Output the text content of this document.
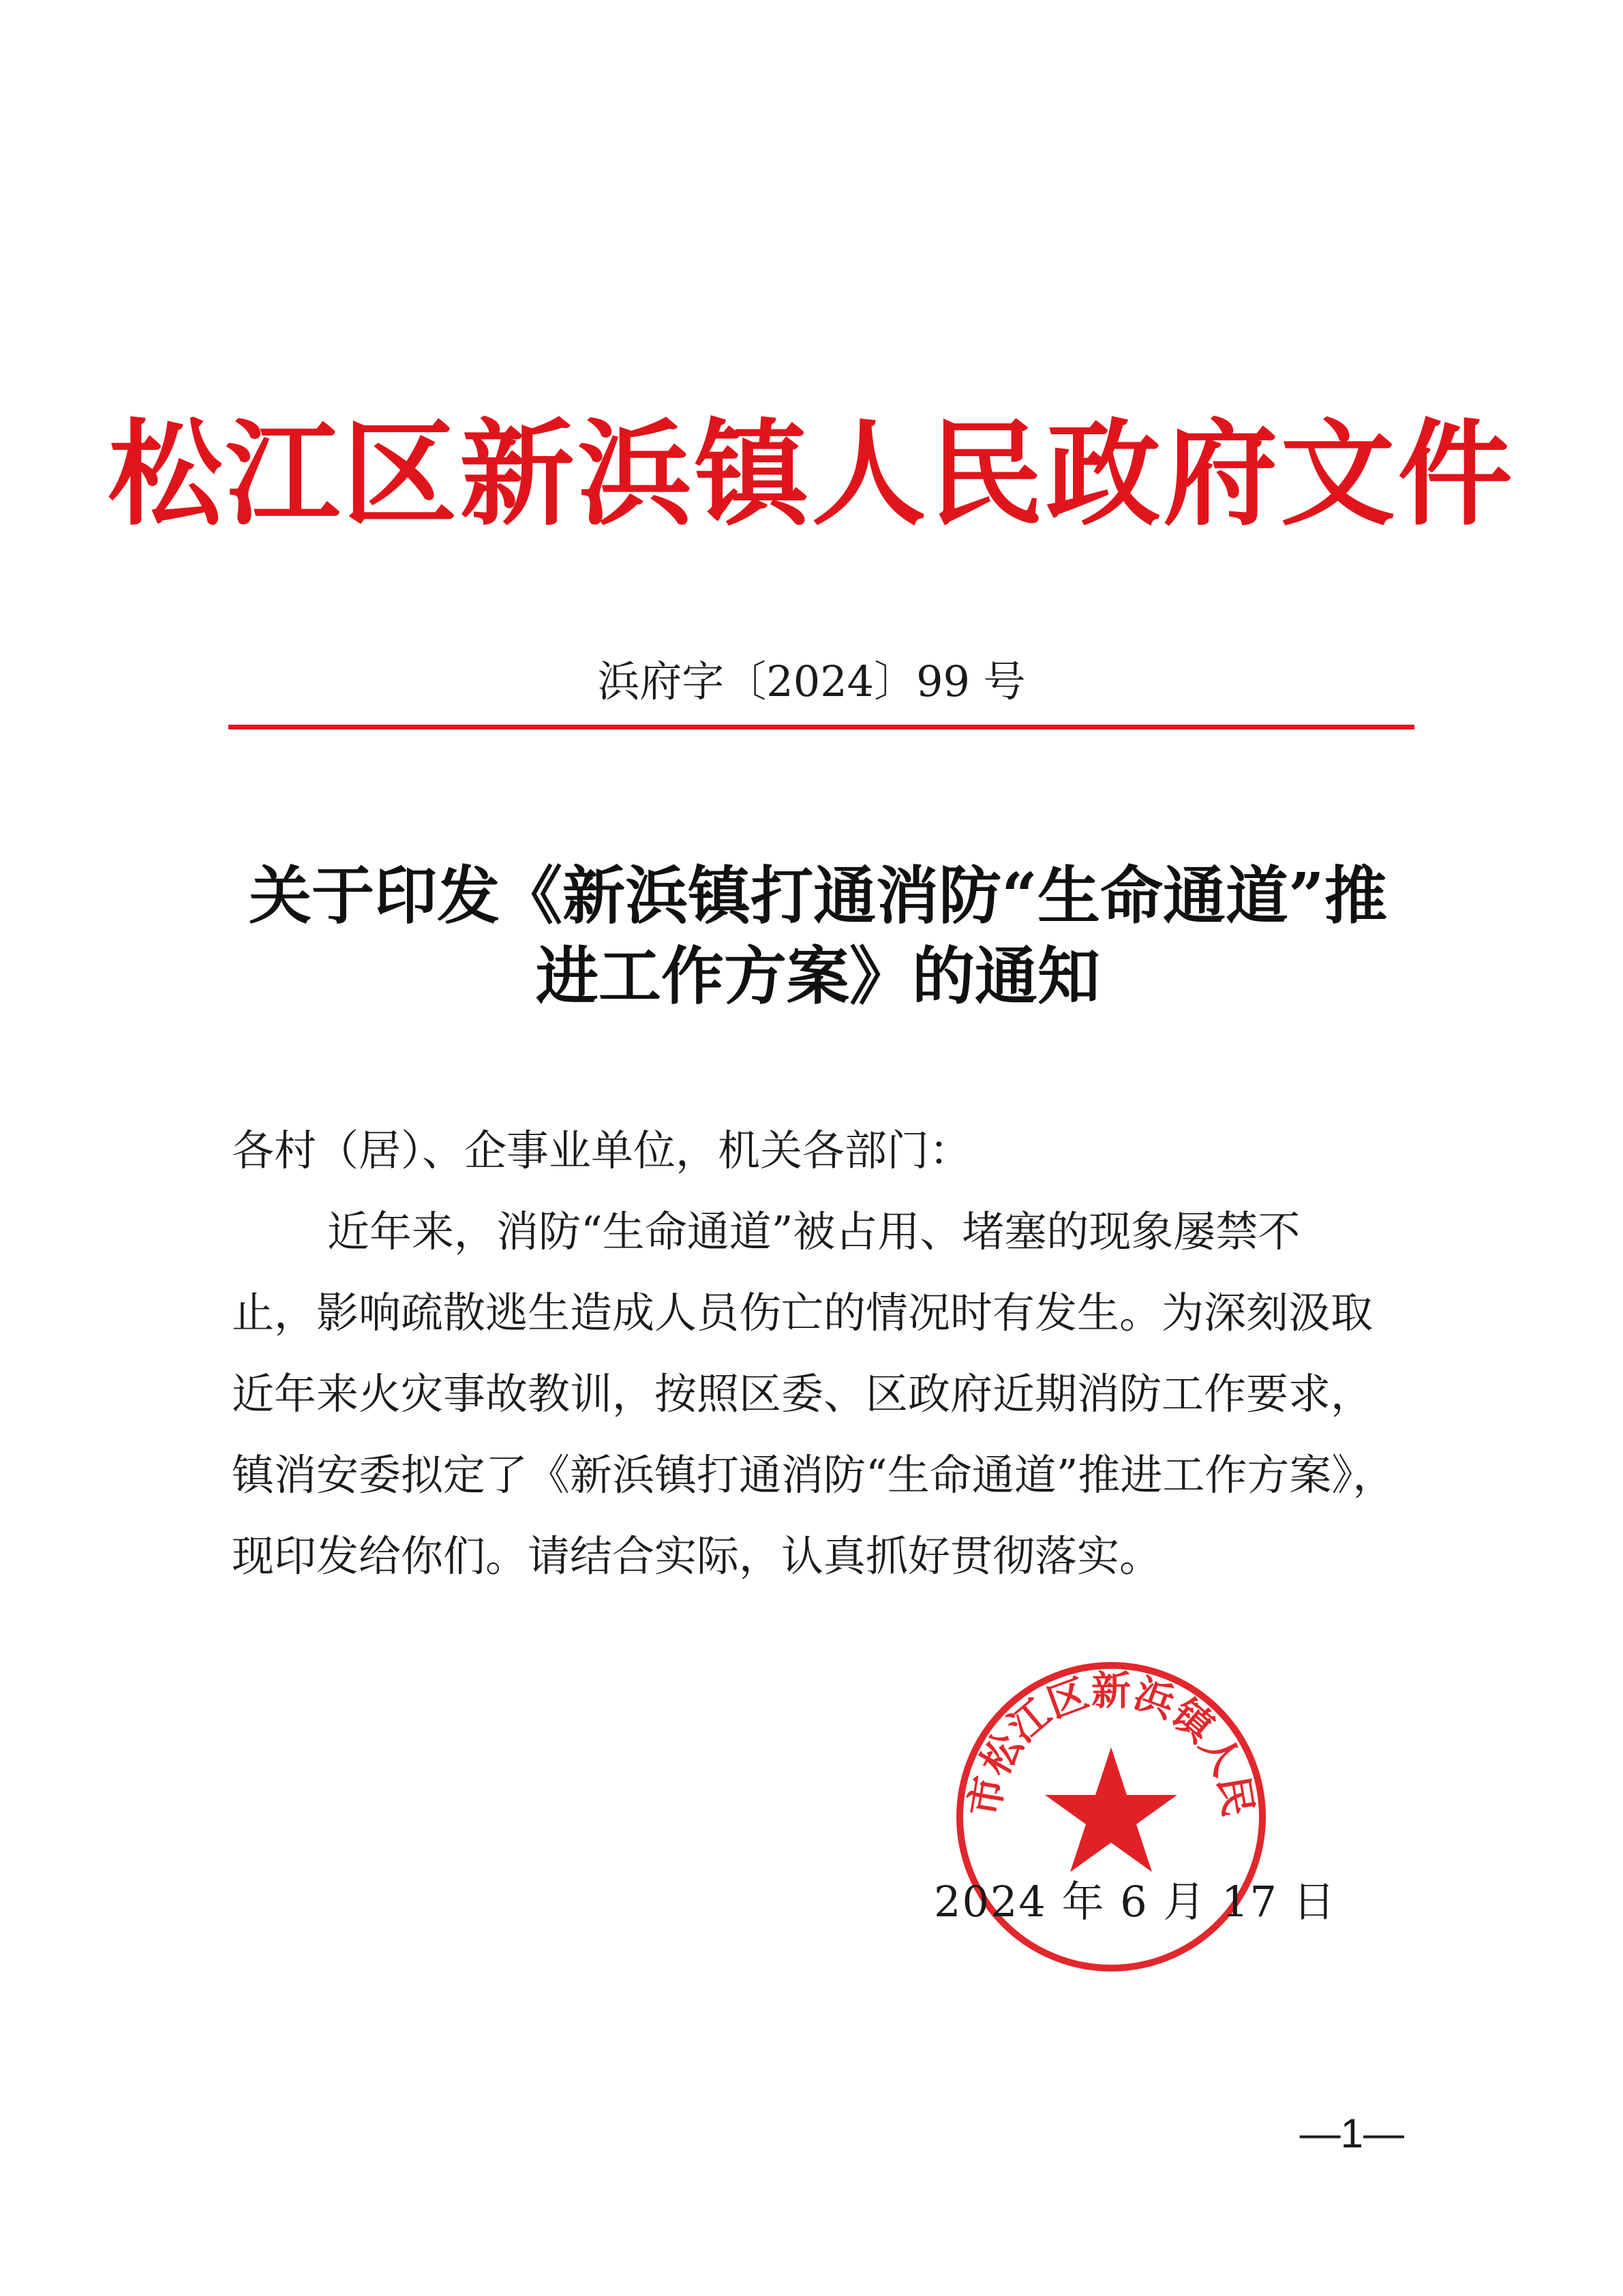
松江区新浜镇人民政府文件
浜府字〔2024〕99 号
关于印发《新浜镇打通消防“生命通道”推
进工作方案》的通知
各村（居）、企事业单位，机关各部门：
近年来，消防“生命通道”被占用、堵塞的现象屡禁不
止，影响疏散逃生造成人员伤亡的情况时有发生。为深刻汲取
近年来火灾事故教训，按照区委、区政府近期消防工作要求，
镇消安委拟定了《新浜镇打通消防“生命通道”推进工作方案》，
现印发给你们。请结合实际，认真抓好贯彻落实。
市松江区新浜镇人民
2024 年 6 月 17 日
—1—
